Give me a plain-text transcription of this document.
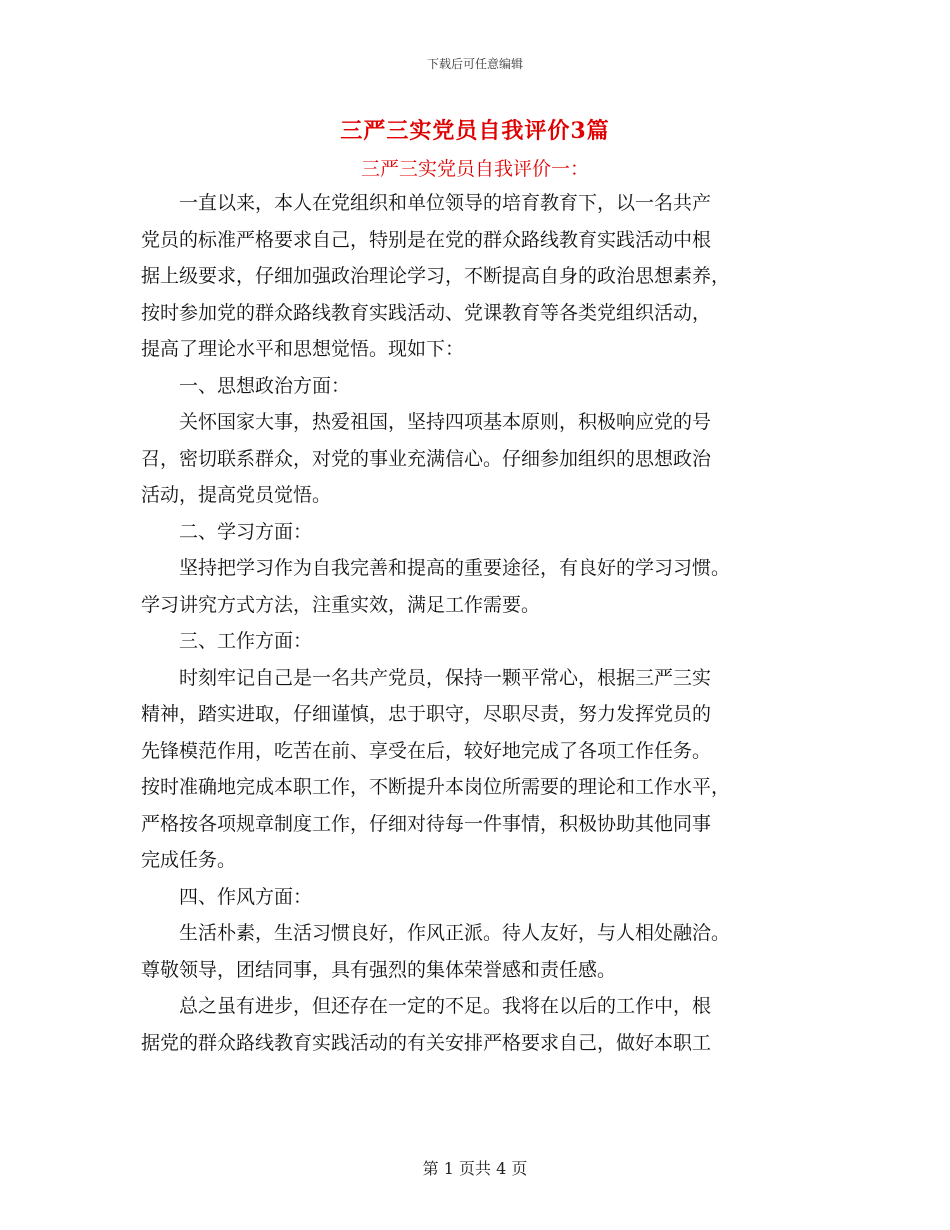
下载后可任意编辑
三严三实党员自我评价3篇
三严三实党员自我评价一：
　　一直以来，本人在党组织和单位领导的培育教育下，以一名共产
党员的标准严格要求自己，特别是在党的群众路线教育实践活动中根
据上级要求，仔细加强政治理论学习，不断提高自身的政治思想素养，
按时参加党的群众路线教育实践活动、党课教育等各类党组织活动，
提高了理论水平和思想觉悟。现如下：
　　一、思想政治方面：
　　关怀国家大事，热爱祖国，坚持四项基本原则，积极响应党的号
召，密切联系群众，对党的事业充满信心。仔细参加组织的思想政治
活动，提高党员觉悟。
　　二、学习方面：
　　坚持把学习作为自我完善和提高的重要途径，有良好的学习习惯。
学习讲究方式方法，注重实效，满足工作需要。
　　三、工作方面：
　　时刻牢记自己是一名共产党员，保持一颗平常心，根据三严三实
精神，踏实进取，仔细谨慎，忠于职守，尽职尽责，努力发挥党员的
先锋模范作用，吃苦在前、享受在后，较好地完成了各项工作任务。
按时准确地完成本职工作，不断提升本岗位所需要的理论和工作水平，
严格按各项规章制度工作，仔细对待每一件事情，积极协助其他同事
完成任务。
　　四、作风方面：
　　生活朴素，生活习惯良好，作风正派。待人友好，与人相处融洽。
尊敬领导，团结同事，具有强烈的集体荣誉感和责任感。
　　总之虽有进步，但还存在一定的不足。我将在以后的工作中，根
据党的群众路线教育实践活动的有关安排严格要求自己，做好本职工
第 1 页共 4 页
